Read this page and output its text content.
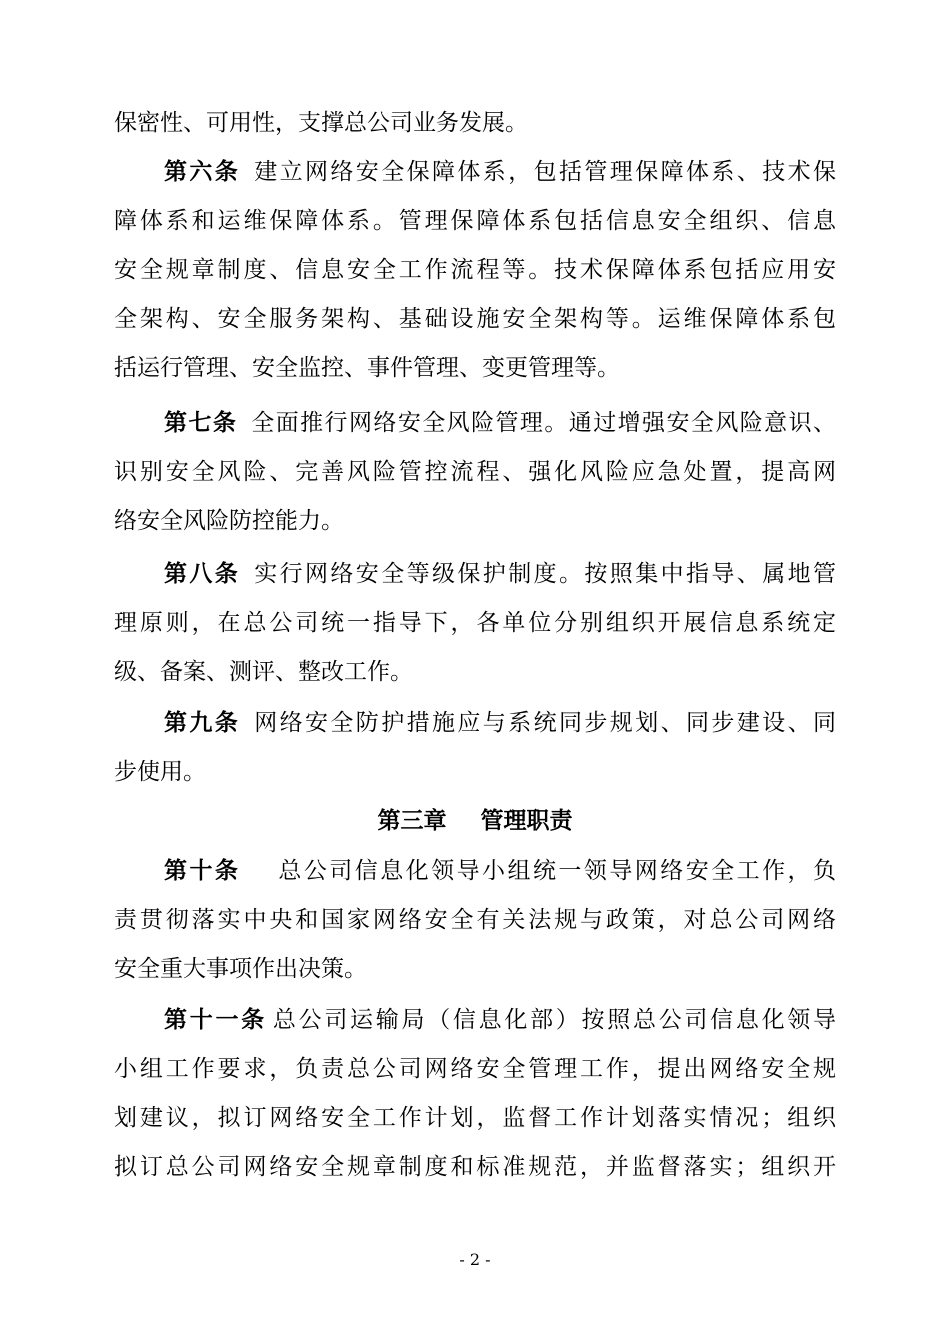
保密性、可用性，支撑总公司业务发展。
第六条 建立网络安全保障体系，包括管理保障体系、技术保
障体系和运维保障体系。管理保障体系包括信息安全组织、信息
安全规章制度、信息安全工作流程等。技术保障体系包括应用安
全架构、安全服务架构、基础设施安全架构等。运维保障体系包
括运行管理、安全监控、事件管理、变更管理等。
第七条 全面推行网络安全风险管理。通过增强安全风险意识、
识别安全风险、完善风险管控流程、强化风险应急处置，提高网
络安全风险防控能力。
第八条 实行网络安全等级保护制度。按照集中指导、属地管
理原则，在总公司统一指导下，各单位分别组织开展信息系统定
级、备案、测评、整改工作。
第九条 网络安全防护措施应与系统同步规划、同步建设、同
步使用。
第三章 管理职责
第十条 总公司信息化领导小组统一领导网络安全工作，负
责贯彻落实中央和国家网络安全有关法规与政策，对总公司网络
安全重大事项作出决策。
第十一条 总公司运输局（信息化部）按照总公司信息化领导
小组工作要求，负责总公司网络安全管理工作，提出网络安全规
划建议，拟订网络安全工作计划，监督工作计划落实情况；组织
拟订总公司网络安全规章制度和标准规范，并监督落实；组织开
- 2 -
